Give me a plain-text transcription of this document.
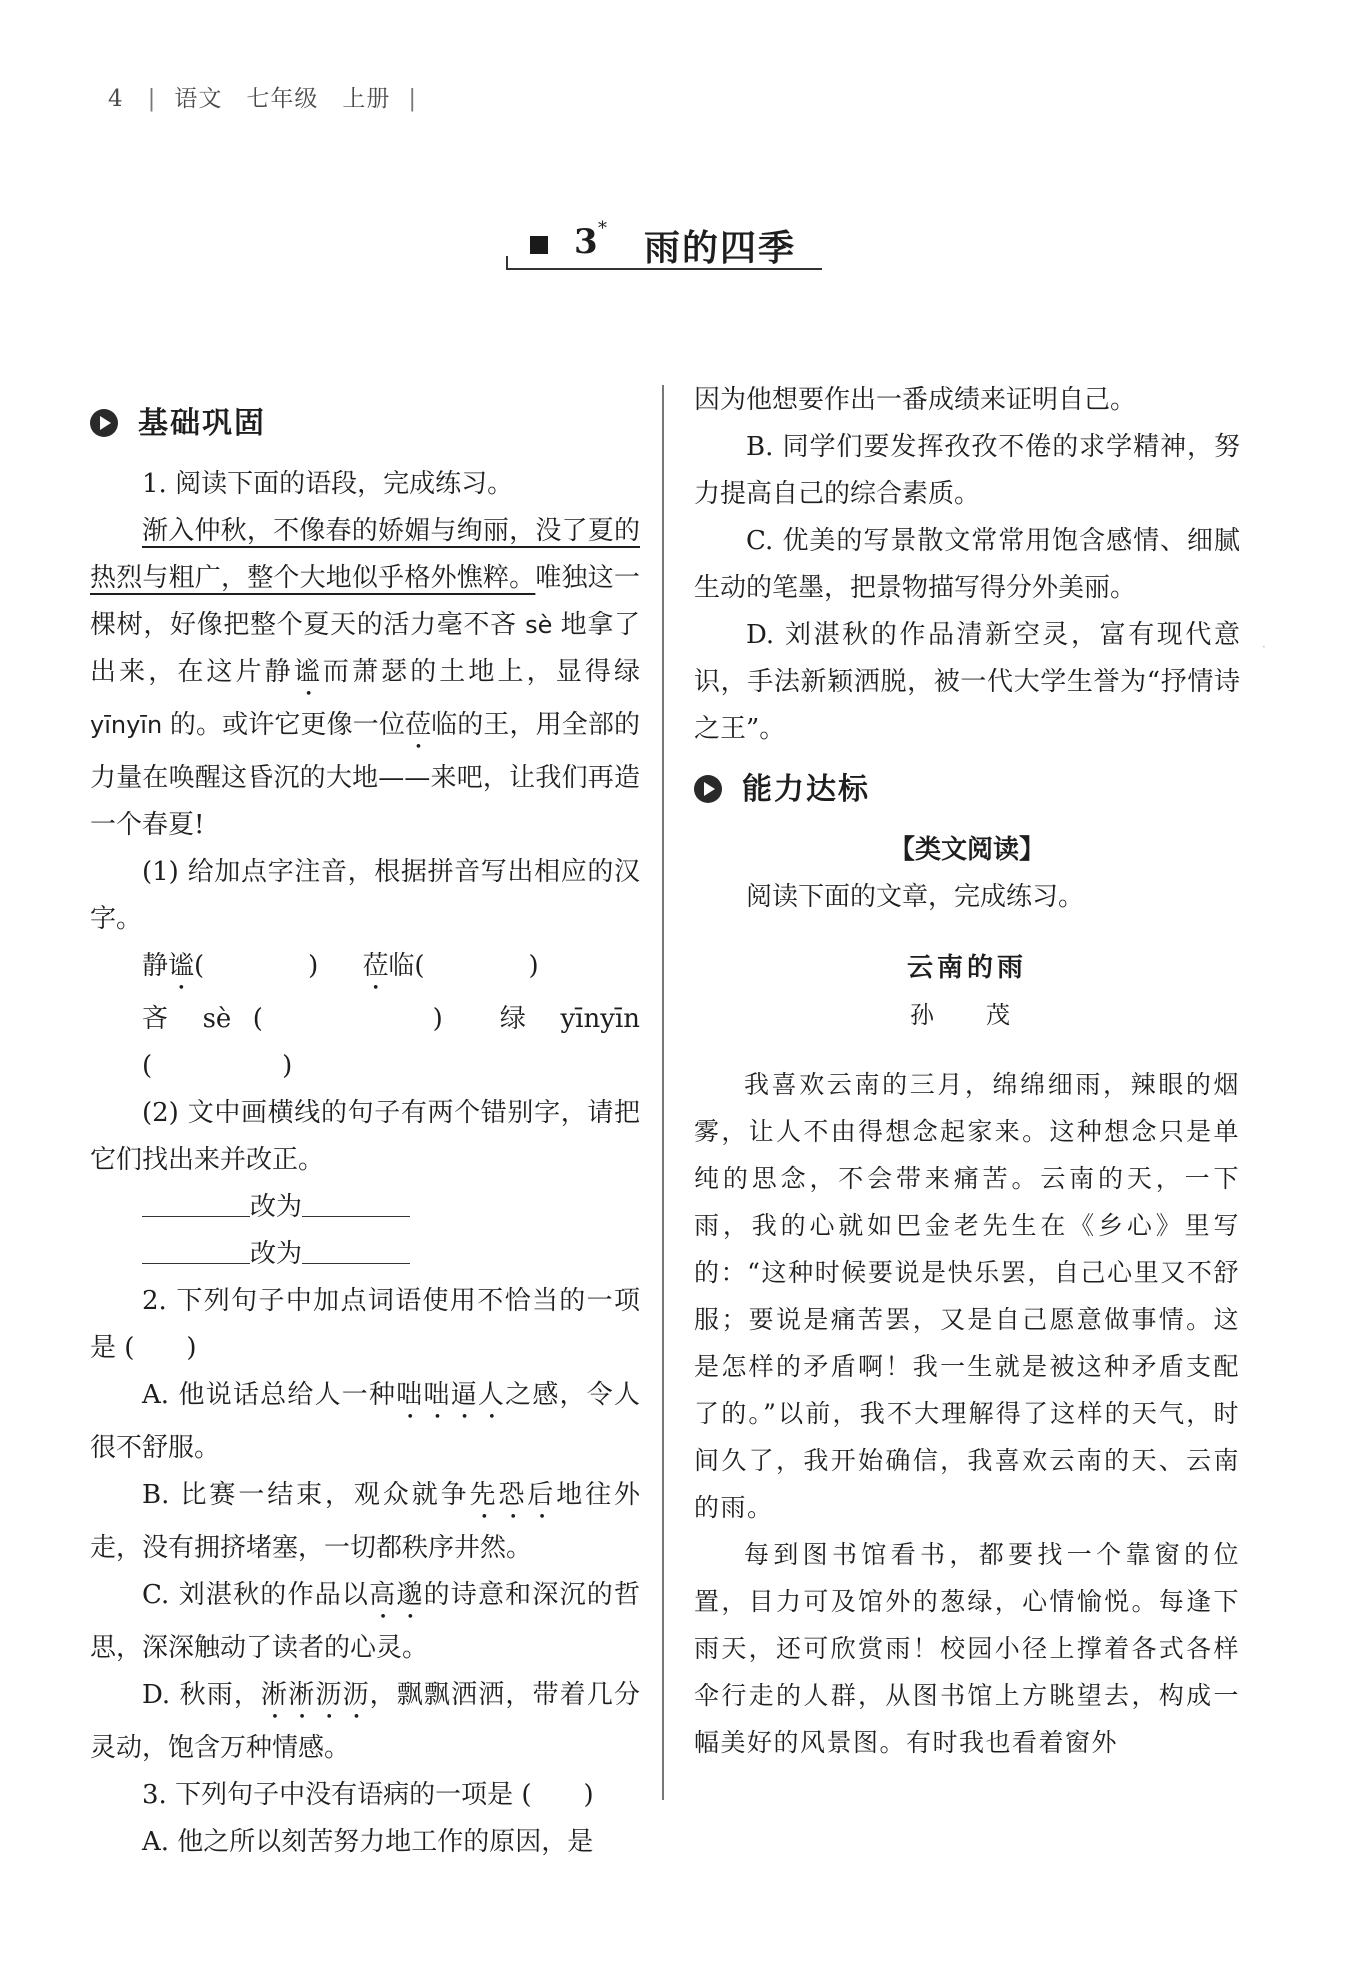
4 | 语文 七年级 上册 |
3 * 雨的四季
基础巩固

1. 阅读下面的语段，完成练习。

渐入仲秋，不像春的娇媚与绚丽，没了夏的热烈与粗广，整个大地似乎格外憔粹。唯独这一棵树，好像把整个夏天的活力毫不吝 sè 地拿了出来，在这片静谧而萧瑟的土地上，显得绿 yīnyīn 的。或许它更像一位莅临的王，用全部的力量在唤醒这昏沉的大地——来吧，让我们再造一个春夏!

(1) 给加点字注音，根据拼音写出相应的汉字。

静谧(　　　　) 莅临(　　　　)

吝 sè (　　　　) 绿 yīnyīn (　　　　　)

(2) 文中画横线的句子有两个错别字，请把它们找出来并改正。

改为

改为

2. 下列句子中加点词语使用不恰当的一项是 (　　)

A. 他说话总给人一种咄咄逼人之感，令人很不舒服。

B. 比赛一结束，观众就争先恐后地往外走，没有拥挤堵塞，一切都秩序井然。

C. 刘湛秋的作品以高邈的诗意和深沉的哲思，深深触动了读者的心灵。

D. 秋雨，淅淅沥沥，飘飘洒洒，带着几分灵动，饱含万种情感。

3. 下列句子中没有语病的一项是 (　　)

A. 他之所以刻苦努力地工作的原因，是

因为他想要作出一番成绩来证明自己。

B. 同学们要发挥孜孜不倦的求学精神，努力提高自己的综合素质。

C. 优美的写景散文常常用饱含感情、细腻生动的笔墨，把景物描写得分外美丽。

D. 刘湛秋的作品清新空灵，富有现代意识，手法新颖洒脱，被一代大学生誉为“抒情诗之王”。

能力达标
【类文阅读】

阅读下面的文章，完成练习。

云南的雨
孙　茂

我喜欢云南的三月，绵绵细雨，辣眼的烟雾，让人不由得想念起家来。这种想念只是单纯的思念，不会带来痛苦。云南的天，一下雨，我的心就如巴金老先生在《乡心》里写的：“这种时候要说是快乐罢，自己心里又不舒服；要说是痛苦罢，又是自己愿意做事情。这是怎样的矛盾啊！我一生就是被这种矛盾支配了的。”以前，我不大理解得了这样的天气，时间久了，我开始确信，我喜欢云南的天、云南的雨。

每到图书馆看书，都要找一个靠窗的位置，目力可及馆外的葱绿，心情愉悦。每逢下雨天，还可欣赏雨！校园小径上撑着各式各样伞行走的人群，从图书馆上方眺望去，构成一幅美好的风景图。有时我也看着窗外

·
